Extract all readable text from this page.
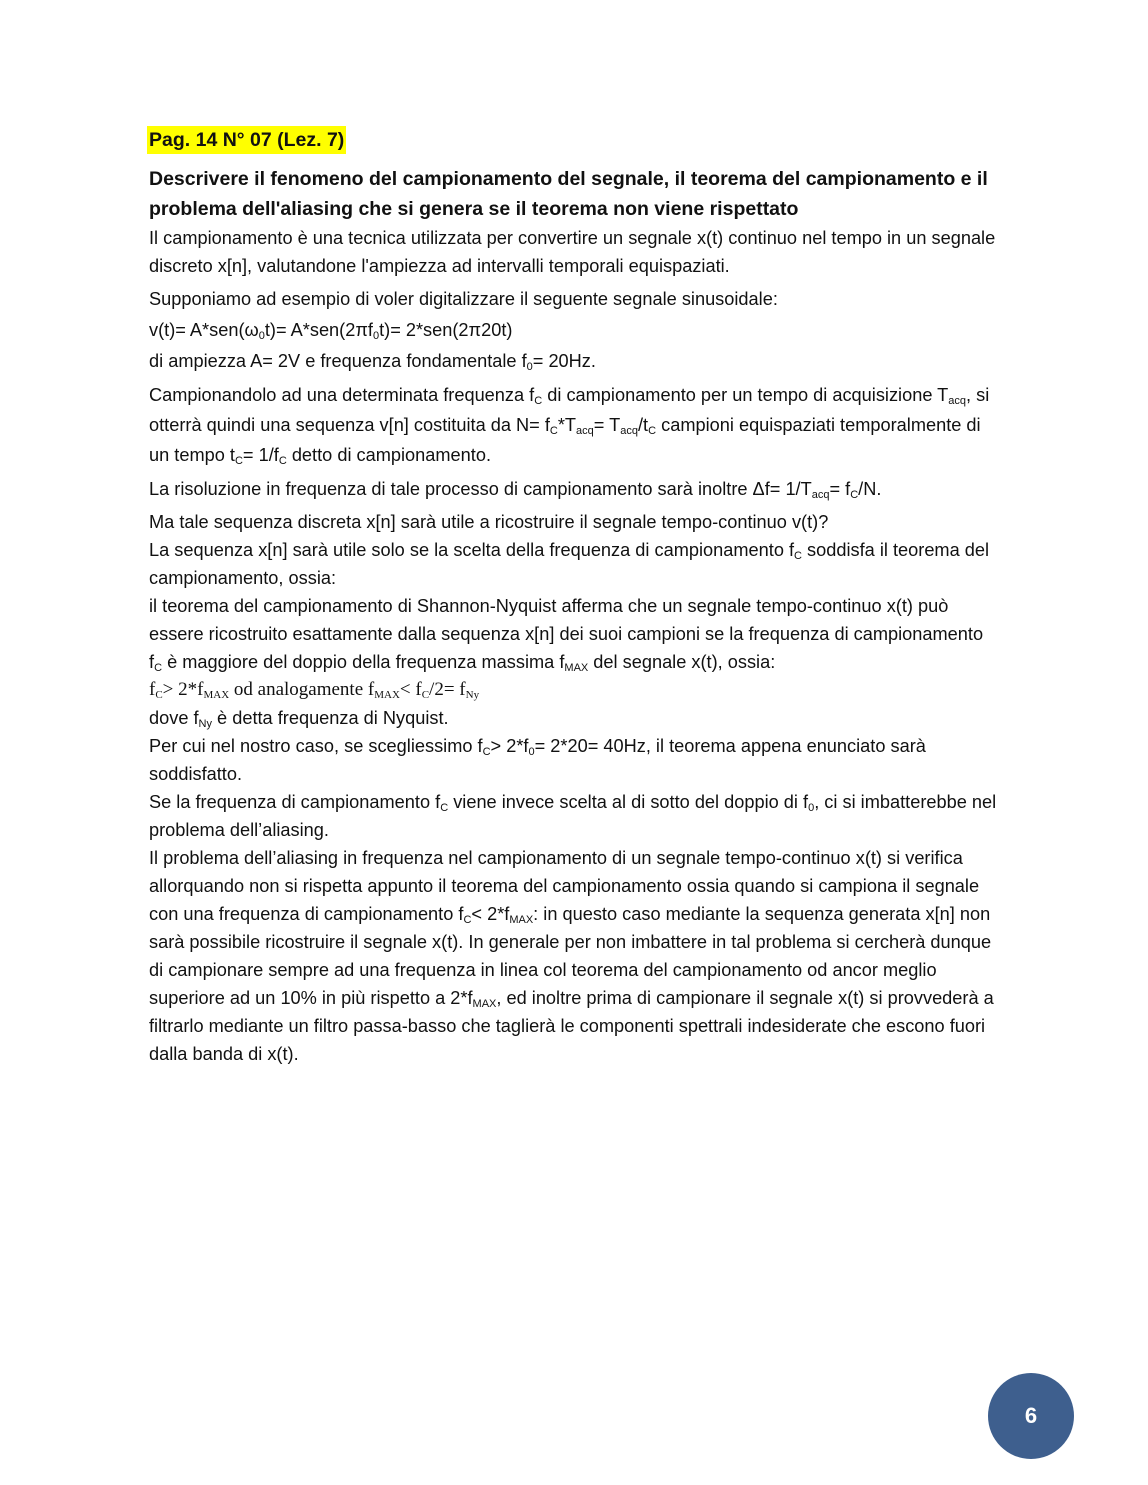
Pag. 14 N° 07 (Lez. 7)
Descrivere il fenomeno del campionamento del segnale, il teorema del campionamento e il problema dell'aliasing che si genera se il teorema non viene rispettato

Il campionamento è una tecnica utilizzata per convertire un segnale x(t) continuo nel tempo in un segnale discreto x[n], valutandone l'ampiezza ad intervalli temporali equispaziati.

Supponiamo ad esempio di voler digitalizzare il seguente segnale sinusoidale:

$v(t)= A*sen(\omega_0t)= A*sen(2\pi f_0t)= 2*sen(2\pi 20t)$

di ampiezza A= 2V e frequenza fondamentale $f_0= 20Hz$.

Campionandolo ad una determinata frequenza $f_C$ di campionamento per un tempo di acquisizione $T_{acq}$, si otterrà quindi una sequenza v[n] costituita da $N= f_C*T_{acq}= T_{acq}/t_C$ campioni equispaziati temporalmente di un tempo $t_C= 1/f_C$ detto di campionamento.

La risoluzione in frequenza di tale processo di campionamento sarà inoltre $\Delta f= 1/T_{acq}= f_C/N$.

Ma tale sequenza discreta x[n] sarà utile a ricostruire il segnale tempo-continuo v(t)?

La sequenza x[n] sarà utile solo se la scelta della frequenza di campionamento $f_C$ soddisfa il teorema del campionamento, ossia:

il teorema del campionamento di Shannon-Nyquist afferma che un segnale tempo-continuo x(t) può essere ricostruito esattamente dalla sequenza x[n] dei suoi campioni se la frequenza di campionamento $f_C$ è maggiore del doppio della frequenza massima $f_{MAX}$ del segnale x(t), ossia:

$f_C> 2*f_{MAX}$ od analogamente $f_{MAX}< f_C/2= f_{Ny}$

dove $f_{Ny}$ è detta frequenza di Nyquist.

Per cui nel nostro caso, se scegliessimo $f_C> 2*f_0= 2*20= 40Hz$, il teorema appena enunciato sarà soddisfatto.

Se la frequenza di campionamento $f_C$ viene invece scelta al di sotto del doppio di $f_0$, ci si imbatterebbe nel problema dell’aliasing.

Il problema dell’aliasing in frequenza nel campionamento di un segnale tempo-continuo x(t) si verifica allorquando non si rispetta appunto il teorema del campionamento ossia quando si campiona il segnale con una frequenza di campionamento $f_C< 2*f_{MAX}$: in questo caso mediante la sequenza generata x[n] non sarà possibile ricostruire il segnale x(t). In generale per non imbattere in tal problema si cercherà dunque di campionare sempre ad una frequenza in linea col teorema del campionamento od ancor meglio superiore ad un 10% in più rispetto a $2*f_{MAX}$, ed inoltre prima di campionare il segnale x(t) si provvederà a filtrarlo mediante un filtro passa-basso che taglierà le componenti spettrali indesiderate che escono fuori dalla banda di x(t).

6
